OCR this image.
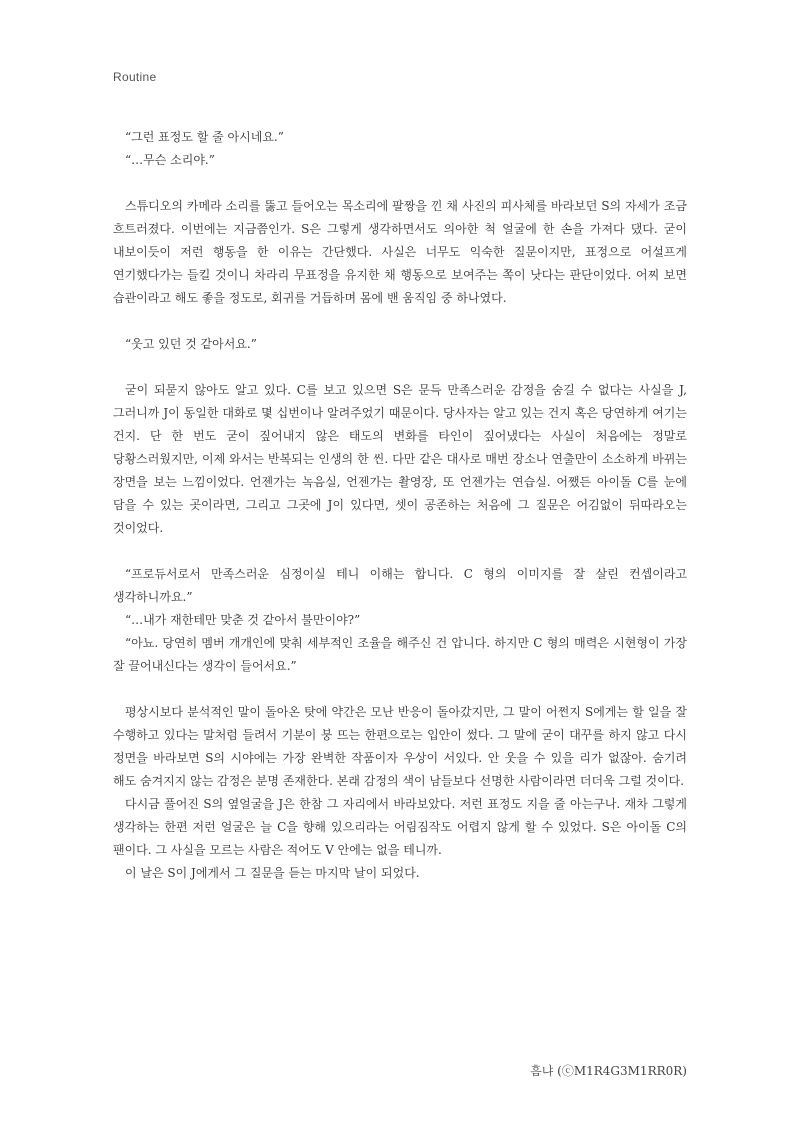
Routine

“그런 표정도 할 줄 아시네요.”

“…무슨 소리야.”

스튜디오의 카메라 소리를 뚫고 들어오는 목소리에 팔짱을 낀 채 사진의 피사체를 바라보던 S의 자세가 조금 흐트러졌다. 이번에는 지금쯤인가. S은 그렇게 생각하면서도 의아한 척 얼굴에 한 손을 가져다 댔다. 굳이 내보이듯이 저런 행동을 한 이유는 간단했다. 사실은 너무도 익숙한 질문이지만, 표정으로 어설프게 연기했다가는 들킬 것이니 차라리 무표정을 유지한 채 행동으로 보여주는 쪽이 낫다는 판단이었다. 어찌 보면 습관이라고 해도 좋을 정도로, 회귀를 거듭하며 몸에 밴 움직임 중 하나였다.

“웃고 있던 것 같아서요.”

굳이 되묻지 않아도 알고 있다. C를 보고 있으면 S은 문득 만족스러운 감정을 숨길 수 없다는 사실을 J, 그러니까 J이 동일한 대화로 몇 십번이나 알려주었기 때문이다. 당사자는 알고 있는 건지 혹은 당연하게 여기는 건지. 단 한 번도 굳이 짚어내지 않은 태도의 변화를 타인이 짚어냈다는 사실이 처음에는 정말로 당황스러웠지만, 이제 와서는 반복되는 인생의 한 씬. 다만 같은 대사로 매번 장소나 연출만이 소소하게 바뀌는 장면을 보는 느낌이었다. 언젠가는 녹음실, 언젠가는 촬영장, 또 언젠가는 연습실. 어쨌든 아이돌 C를 눈에 담을 수 있는 곳이라면, 그리고 그곳에 J이 있다면, 셋이 공존하는 처음에 그 질문은 어김없이 뒤따라오는 것이었다.

“프로듀서로서 만족스러운 심정이실 테니 이해는 합니다. C 형의 이미지를 잘 살린 컨셉이라고 생각하니까요.”

“…내가 재한테만 맞춘 것 같아서 불만이야?”

“아뇨. 당연히 멤버 개개인에 맞춰 세부적인 조율을 해주신 건 압니다. 하지만 C 형의 매력은 시현형이 가장 잘 끌어내신다는 생각이 들어서요.”

평상시보다 분석적인 말이 돌아온 탓에 약간은 모난 반응이 돌아갔지만, 그 말이 어쩐지 S에게는 할 일을 잘 수행하고 있다는 말처럼 들려서 기분이 붕 뜨는 한편으로는 입안이 썼다. 그 말에 굳이 대꾸를 하지 않고 다시 정면을 바라보면 S의 시야에는 가장 완벽한 작품이자 우상이 서있다. 안 웃을 수 있을 리가 없잖아. 숨기려 해도 숨겨지지 않는 감정은 분명 존재한다. 본래 감정의 색이 남들보다 선명한 사람이라면 더더욱 그럴 것이다.

다시금 풀어진 S의 옆얼굴을 J은 한참 그 자리에서 바라보았다. 저런 표정도 지을 줄 아는구나. 재차 그렇게 생각하는 한편 저런 얼굴은 늘 C을 향해 있으리라는 어림짐작도 어렵지 않게 할 수 있었다. S은 아이돌 C의 팬이다. 그 사실을 모르는 사람은 적어도 V 안에는 없을 테니까.

이 날은 S이 J에게서 그 질문을 듣는 마지막 날이 되었다.

흠냐 (ⓒM1R4G3M1RR0R)
